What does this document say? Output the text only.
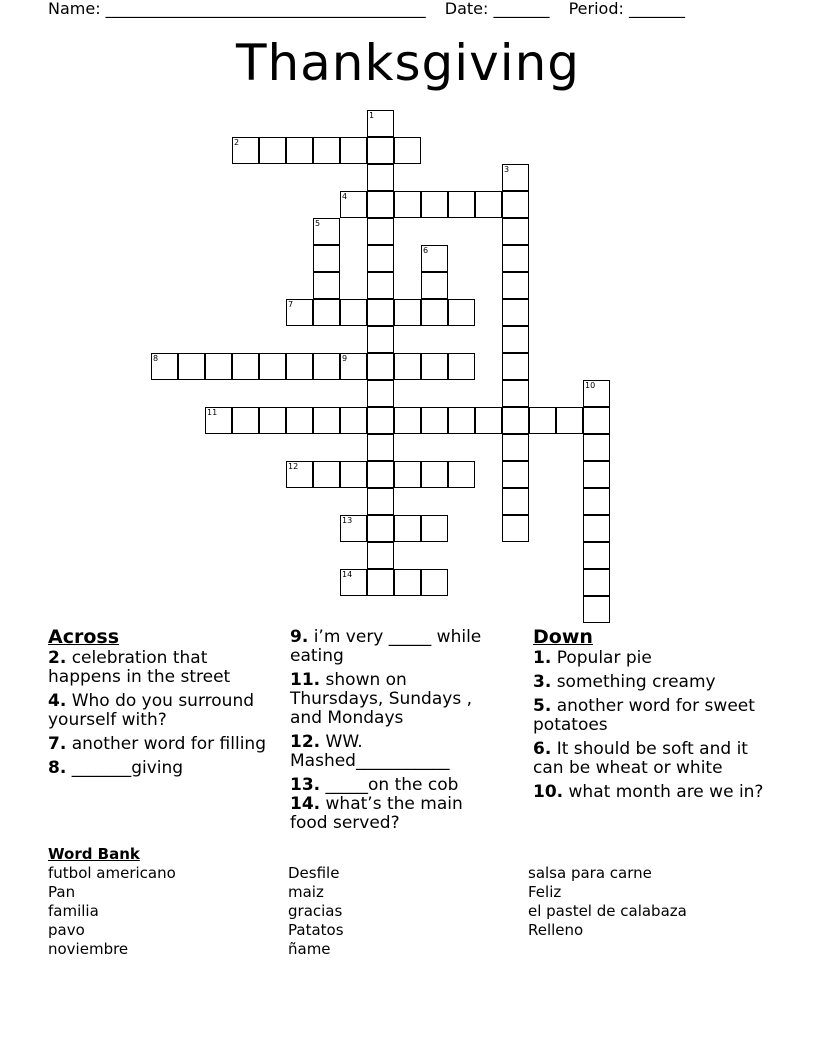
Name: ________________________________________ Date: _______ Period: _______
Thanksgiving
1
2
3
4
5
6
7
8	9
10
11
12
13
14
Across
2. celebration that happens in the street
4. Who do you surround yourself with?
7. another word for filling
8. _______giving
9. i’m very _____ while eating
11. shown on Thursdays, Sundays , and Mondays
12. WW. Mashed___________
13. _____on the cob
14. what’s the main food served?
Down
1. Popular pie
3. something creamy
5. another word for sweet potatoes
6. It should be soft and it can be wheat or white
10. what month are we in?
Word Bank
futbol americano
Pan
familia
pavo
noviembre
Desfile
maiz
gracias
Patatos
ñame
salsa para carne
Feliz
el pastel de calabaza
Relleno
